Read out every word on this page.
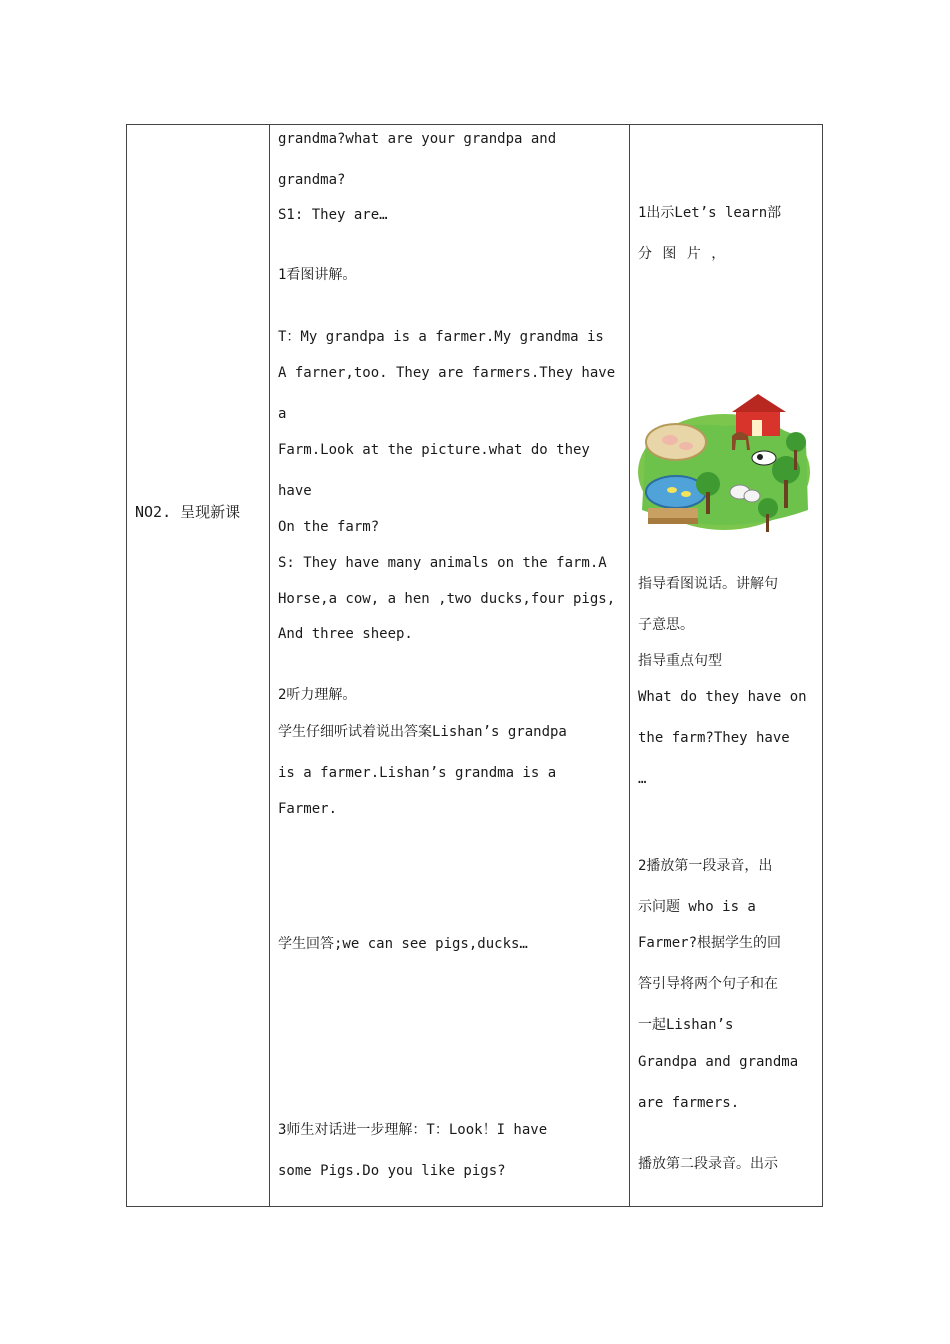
NO2. 呈现新课
grandma?what are your grandpa and
grandma?
S1: They are…
1看图讲解。
T：My grandpa is a farmer.My grandma is
A farner,too. They are farmers.They have
a
Farm.Look at the picture.what do they
have
On the farm?
S: They have many animals on the farm.A
Horse,a cow, a hen ,two ducks,four pigs,
And three sheep.
2听力理解。
学生仔细听试着说出答案Lishan’s grandpa
is a farmer.Lishan’s grandma is a
Farmer.
学生回答;we can see pigs,ducks…
3师生对话进一步理解：T：Look！I have
some Pigs.Do you like pigs?
1出示Let’s learn部
分 图 片 ，
指导看图说话。讲解句
子意思。
指导重点句型
What do they have on
the farm?They have
…
2播放第一段录音，出
示问题 who is a
Farmer?根据学生的回
答引导将两个句子和在
一起Lishan’s
Grandpa and grandma
are farmers.
播放第二段录音。出示
